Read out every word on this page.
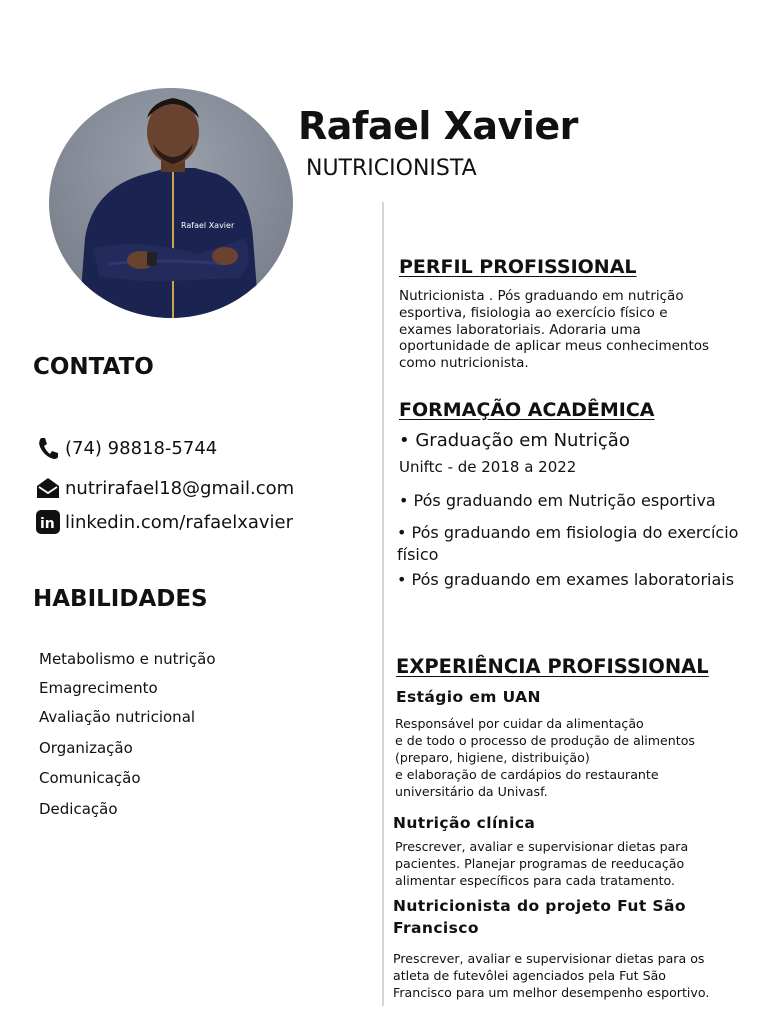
Rafael Xavier
Rafael Xavier
NUTRICIONISTA
CONTATO
(74) 98818-5744
nutrirafael18@gmail.com
in linkedin.com/rafaelxavier
HABILIDADES
Metabolismo e nutrição
Emagrecimento
Avaliação nutricional
Organização
Comunicação
Dedicação
PERFIL PROFISSIONAL
Nutricionista . Pós graduando em nutrição esportiva, fisiologia ao exercício físico e exames laboratoriais. Adoraria uma oportunidade de aplicar meus conhecimentos como nutricionista.
FORMAÇÃO ACADÊMICA
• Graduação em Nutrição
Uniftc - de 2018 a 2022
• Pós graduando em Nutrição esportiva
• Pós graduando em fisiologia do exercício físico
• Pós graduando em exames laboratoriais
EXPERIÊNCIA PROFISSIONAL
Estágio em UAN
Responsável por cuidar da alimentação
e de todo o processo de produção de alimentos
(preparo, higiene, distribuição)
e elaboração de cardápios do restaurante
universitário da Univasf.
Nutrição clínica
Prescrever, avaliar e supervisionar dietas para
pacientes. Planejar programas de reeducação
alimentar específicos para cada tratamento.
Nutricionista do projeto Fut São Francisco
Prescrever, avaliar e supervisionar dietas para os
atleta de futevôlei agenciados pela Fut São
Francisco para um melhor desempenho esportivo.
